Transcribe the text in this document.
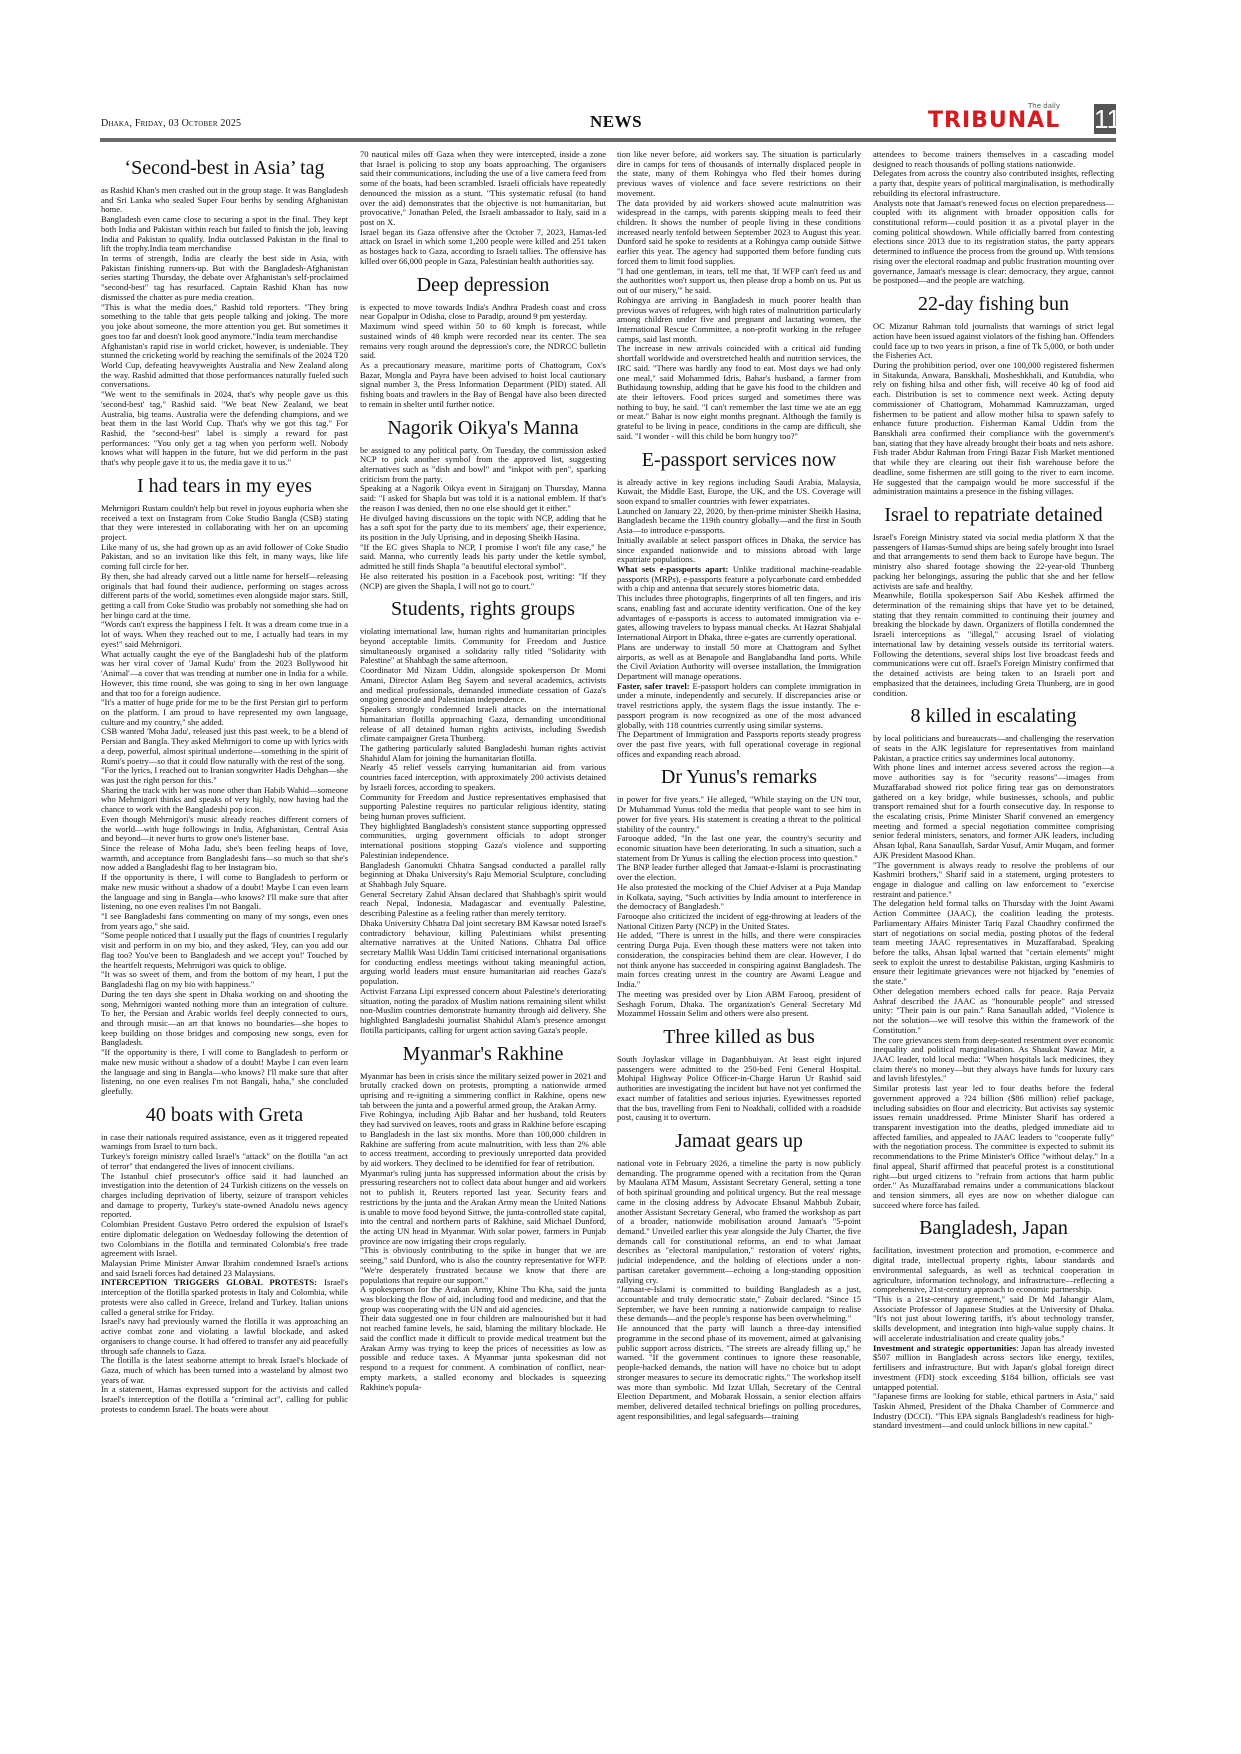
Dhaka, Friday, 03 October 2025	NEWS
The daily
TRIBUNAL 11
‘Second-best in Asia’ tag

as Rashid Khan's men crashed out in the group stage. It was Bangladesh and Sri Lanka who sealed Super Four berths by sending Afghanistan home.

Bangladesh even came close to securing a spot in the final. They kept both India and Pakistan within reach but failed to finish the job, leaving India and Pakistan to qualify. India outclassed Pakistan in the final to lift the trophy.India team merchandise

In terms of strength, India are clearly the best side in Asia, with Pakistan finishing runners-up. But with the Bangladesh-Afghanistan series starting Thursday, the debate over Afghanistan's self-proclaimed "second-best" tag has resurfaced. Captain Rashid Khan has now dismissed the chatter as pure media creation.

"This is what the media does," Rashid told reporters. "They bring something to the table that gets people talking and joking. The more you joke about someone, the more attention you get. But sometimes it goes too far and doesn't look good anymore."India team merchandise

Afghanistan's rapid rise in world cricket, however, is undeniable. They stunned the cricketing world by reaching the semifinals of the 2024 T20 World Cup, defeating heavyweights Australia and New Zealand along the way. Rashid admitted that those performances naturally fueled such conversations.

"We went to the semifinals in 2024, that's why people gave us this 'second-best' tag," Rashid said. "We beat New Zealand, we beat Australia, big teams. Australia were the defending champions, and we beat them in the last World Cup. That's why we got this tag." For Rashid, the "second-best" label is simply a reward for past performances: "You only get a tag when you perform well. Nobody knows what will happen in the future, but we did perform in the past that's why people gave it to us, the media gave it to us."

I had tears in my eyes

Mehrnigori Rustam couldn't help but revel in joyous euphoria when she received a text on Instagram from Coke Studio Bangla (CSB) stating that they were interested in collaborating with her on an upcoming project.

Like many of us, she had grown up as an avid follower of Coke Studio Pakistan, and so an invitation like this felt, in many ways, like life coming full circle for her.

By then, she had already carved out a little name for herself—releasing originals that had found their audience, performing on stages across different parts of the world, sometimes even alongside major stars. Still, getting a call from Coke Studio was probably not something she had on her bingo card at the time.

"Words can't express the happiness I felt. It was a dream come true in a lot of ways. When they reached out to me, I actually had tears in my eyes!" said Mehrnigori.

What actually caught the eye of the Bangladeshi hub of the platform was her viral cover of 'Jamal Kudu' from the 2023 Bollywood hit 'Animal'—a cover that was trending at number one in India for a while. However, this time round, she was going to sing in her own language and that too for a foreign audience.

"It's a matter of huge pride for me to be the first Persian girl to perform on the platform. I am proud to have represented my own language, culture and my country," she added.

CSB wanted 'Moha Jadu', released just this past week, to be a blend of Persian and Bangla. They asked Mehrnigori to come up with lyrics with a deep, powerful, almost spiritual undertone—something in the spirit of Rumi's poetry—so that it could flow naturally with the rest of the song.

"For the lyrics, I reached out to Iranian songwriter Hadis Dehghan—she was just the right person for this."

Sharing the track with her was none other than Habib Wahid—someone who Mehrnigori thinks and speaks of very highly, now having had the chance to work with the Bangladeshi pop icon.

Even though Mehrnigori's music already reaches different corners of the world—with huge followings in India, Afghanistan, Central Asia and beyond—it never hurts to grow one's listener base.

Since the release of Moha Jadu, she's been feeling heaps of love, warmth, and acceptance from Bangladeshi fans—so much so that she's now added a Bangladeshi flag to her Instagram bio.

If the opportunity is there, I will come to Bangladesh to perform or make new music without a shadow of a doubt! Maybe I can even learn the language and sing in Bangla—who knows? I'll make sure that after listening, no one even realises I'm not Bangali.

"I see Bangladeshi fans commenting on many of my songs, even ones from years ago," she said.

"Some people noticed that I usually put the flags of countries I regularly visit and perform in on my bio, and they asked, 'Hey, can you add our flag too? You've been to Bangladesh and we accept you!' Touched by the heartfelt requests, Mehrnigori was quick to oblige.

"It was so sweet of them, and from the bottom of my heart, I put the Bangladeshi flag on my bio with happiness."

During the ten days she spent in Dhaka working on and shooting the song, Mehrnigori wanted nothing more than an integration of culture. To her, the Persian and Arabic worlds feel deeply connected to ours, and through music—an art that knows no boundaries—she hopes to keep building on those bridges and composing new songs, even for Bangladesh.

"If the opportunity is there, I will come to Bangladesh to perform or make new music without a shadow of a doubt! Maybe I can even learn the language and sing in Bangla—who knows? I'll make sure that after listening, no one even realises I'm not Bangali, haha," she concluded gleefully.

40 boats with Greta

in case their nationals required assistance, even as it triggered repeated warnings from Israel to turn back.

Turkey's foreign ministry called Israel's "attack" on the flotilla "an act of terror" that endangered the lives of innocent civilians.

The Istanbul chief prosecutor's office said it had launched an investigation into the detention of 24 Turkish citizens on the vessels on charges including deprivation of liberty, seizure of transport vehicles and damage to property, Turkey's state-owned Anadolu news agency reported.

Colombian President Gustavo Petro ordered the expulsion of Israel's entire diplomatic delegation on Wednesday following the detention of two Colombians in the flotilla and terminated Colombia's free trade agreement with Israel.

Malaysian Prime Minister Anwar Ibrahim condemned Israel's actions and said Israeli forces had detained 23 Malaysians.

INTERCEPTION TRIGGERS GLOBAL PROTESTS: Israel's interception of the flotilla sparked protests in Italy and Colombia, while protests were also called in Greece, Ireland and Turkey. Italian unions called a general strike for Friday.

Israel's navy had previously warned the flotilla it was approaching an active combat zone and violating a lawful blockade, and asked organisers to change course. It had offered to transfer any aid peacefully through safe channels to Gaza.

The flotilla is the latest seaborne attempt to break Israel's blockade of Gaza, much of which has been turned into a wasteland by almost two years of war.

In a statement, Hamas expressed support for the activists and called Israel's interception of the flotilla a "criminal act", calling for public protests to condemn Israel. The boats were about

70 nautical miles off Gaza when they were intercepted, inside a zone that Israel is policing to stop any boats approaching. The organisers said their communications, including the use of a live camera feed from some of the boats, had been scrambled. Israeli officials have repeatedly denounced the mission as a stunt. "This systematic refusal (to hand over the aid) demonstrates that the objective is not humanitarian, but provocative," Jonathan Peled, the Israeli ambassador to Italy, said in a post on X.

Israel began its Gaza offensive after the October 7, 2023, Hamas-led attack on Israel in which some 1,200 people were killed and 251 taken as hostages back to Gaza, according to Israeli tallies. The offensive has killed over 66,000 people in Gaza, Palestinian health authorities say.

Deep depression

is expected to move towards India's Andhra Pradesh coast and cross near Gopalpur in Odisha, close to Paradip, around 9 pm yesterday.

Maximum wind speed within 50 to 60 kmph is forecast, while sustained winds of 48 kmph were recorded near its center. The sea remains very rough around the depression's core, the NDRCC bulletin said.

As a precautionary measure, maritime ports of Chattogram, Cox's Bazar, Mongla and Payra have been advised to hoist local cautionary signal number 3, the Press Information Department (PID) stated. All fishing boats and trawlers in the Bay of Bengal have also been directed to remain in shelter until further notice.

Nagorik Oikya's Manna

be assigned to any political party. On Tuesday, the commission asked NCP to pick another symbol from the approved list, suggesting alternatives such as "dish and bowl" and "inkpot with pen", sparking criticism from the party.

Speaking at a Nagorik Oikya event in Sirajganj on Thursday, Manna said: "I asked for Shapla but was told it is a national emblem. If that's the reason I was denied, then no one else should get it either."

He divulged having discussions on the topic with NCP, adding that he has a soft spot for the party due to its members' age, their experience, its position in the July Uprising, and in deposing Sheikh Hasina.

"If the EC gives Shapla to NCP, I promise I won't file any case," he said. Manna, who currently leads his party under the kettle symbol, admitted he still finds Shapla "a beautiful electoral symbol".

He also reiterated his position in a Facebook post, writing: "If they (NCP) are given the Shapla, I will not go to court."

Students, rights groups

violating international law, human rights and humanitarian principles beyond acceptable limits. Community for Freedom and Justice simultaneously organised a solidarity rally titled "Solidarity with Palestine" at Shahbagh the same afternoon.

Coordinator Md Nizam Uddin, alongside spokesperson Dr Momi Amani, Director Aslam Beg Sayem and several academics, activists and medical professionals, demanded immediate cessation of Gaza's ongoing genocide and Palestinian independence.

Speakers strongly condemned Israeli attacks on the international humanitarian flotilla approaching Gaza, demanding unconditional release of all detained human rights activists, including Swedish climate campaigner Greta Thunberg.

The gathering particularly saluted Bangladeshi human rights activist Shahidul Alam for joining the humanitarian flotilla.

Nearly 45 relief vessels carrying humanitarian aid from various countries faced interception, with approximately 200 activists detained by Israeli forces, according to speakers.

Community for Freedom and Justice representatives emphasised that supporting Palestine requires no particular religious identity, stating being human proves sufficient.

They highlighted Bangladesh's consistent stance supporting oppressed communities, urging government officials to adopt stronger international positions stopping Gaza's violence and supporting Palestinian independence.

Bangladesh Ganomukti Chhatra Sangsad conducted a parallel rally beginning at Dhaka University's Raju Memorial Sculpture, concluding at Shahbagh July Square.

General Secretary Zahid Ahsan declared that Shahbagh's spirit would reach Nepal, Indonesia, Madagascar and eventually Palestine, describing Palestine as a feeling rather than merely territory.

Dhaka University Chhatra Dal joint secretary BM Kawsar noted Israel's contradictory behaviour, killing Palestinians whilst presenting alternative narratives at the United Nations. Chhatra Dal office secretary Mallik Wasi Uddin Tami criticised international organisations for conducting endless meetings without taking meaningful action, arguing world leaders must ensure humanitarian aid reaches Gaza's population.

Activist Farzana Lipi expressed concern about Palestine's deteriorating situation, noting the paradox of Muslim nations remaining silent whilst non-Muslim countries demonstrate humanity through aid delivery. She highlighted Bangladeshi journalist Shahidul Alam's presence amongst flotilla participants, calling for urgent action saving Gaza's people.

Myanmar's Rakhine

Myanmar has been in crisis since the military seized power in 2021 and brutally cracked down on protests, prompting a nationwide armed uprising and re-igniting a simmering conflict in Rakhine, opens new tab between the junta and a powerful armed group, the Arakan Army.

Five Rohingya, including Ajib Bahar and her husband, told Reuters they had survived on leaves, roots and grass in Rakhine before escaping to Bangladesh in the last six months. More than 100,000 children in Rakhine are suffering from acute malnutrition, with less than 2% able to access treatment, according to previously unreported data provided by aid workers. They declined to be identified for fear of retribution.

Myanmar's ruling junta has suppressed information about the crisis by pressuring researchers not to collect data about hunger and aid workers not to publish it, Reuters reported last year. Security fears and restrictions by the junta and the Arakan Army mean the United Nations is unable to move food beyond Sittwe, the junta-controlled state capital, into the central and northern parts of Rakhine, said Michael Dunford, the acting UN head in Myanmar. With solar power, farmers in Punjab province are now irrigating their crops regularly.

"This is obviously contributing to the spike in hunger that we are seeing," said Dunford, who is also the country representative for WFP. "We're desperately frustrated because we know that there are populations that require our support."

A spokesperson for the Arakan Army, Khine Thu Kha, said the junta was blocking the flow of aid, including food and medicine, and that the group was cooperating with the UN and aid agencies.

Their data suggested one in four children are malnourished but it had not reached famine levels, he said, blaming the military blockade. He said the conflict made it difficult to provide medical treatment but the Arakan Army was trying to keep the prices of necessities as low as possible and reduce taxes. A Myanmar junta spokesman did not respond to a request for comment. A combination of conflict, near-empty markets, a stalled economy and blockades is squeezing Rakhine's popula-

tion like never before, aid workers say. The situation is particularly dire in camps for tens of thousands of internally displaced people in the state, many of them Rohingya who fled their homes during previous waves of violence and face severe restrictions on their movement.

The data provided by aid workers showed acute malnutrition was widespread in the camps, with parents skipping meals to feed their children. It shows the number of people living in these conditions increased nearly tenfold between September 2023 to August this year. Dunford said he spoke to residents at a Rohingya camp outside Sittwe earlier this year. The agency had supported them before funding cuts forced them to limit food supplies.

"I had one gentleman, in tears, tell me that, 'If WFP can't feed us and the authorities won't support us, then please drop a bomb on us. Put us out of our misery,'" he said.

Rohingya are arriving in Bangladesh in much poorer health than previous waves of refugees, with high rates of malnutrition particularly among children under five and pregnant and lactating women, the International Rescue Committee, a non-profit working in the refugee camps, said last month.

The increase in new arrivals coincided with a critical aid funding shortfall worldwide and overstretched health and nutrition services, the IRC said. "There was hardly any food to eat. Most days we had only one meal," said Mohammed Idris, Bahar's husband, a farmer from Buthidaung township, adding that he gave his food to the children and ate their leftovers. Food prices surged and sometimes there was nothing to buy, he said. "I can't remember the last time we ate an egg or meat." Bahar is now eight months pregnant. Although the family is grateful to be living in peace, conditions in the camp are difficult, she said. "I wonder - will this child be born hungry too?"

E-passport services now

is already active in key regions including Saudi Arabia, Malaysia, Kuwait, the Middle East, Europe, the UK, and the US. Coverage will soon expand to smaller countries with fewer expatriates.

Launched on January 22, 2020, by then-prime minister Sheikh Hasina, Bangladesh became the 119th country globally—and the first in South Asia—to introduce e-passports.

Initially available at select passport offices in Dhaka, the service has since expanded nationwide and to missions abroad with large expatriate populations.

What sets e-passports apart: Unlike traditional machine-readable passports (MRPs), e-passports feature a polycarbonate card embedded with a chip and antenna that securely stores biometric data.

This includes three photographs, fingerprints of all ten fingers, and iris scans, enabling fast and accurate identity verification. One of the key advantages of e-passports is access to automated immigration via e-gates, allowing travelers to bypass manual checks. At Hazrat Shahjalal International Airport in Dhaka, three e-gates are currently operational.

Plans are underway to install 50 more at Chattogram and Sylhet airports, as well as at Benapole and Banglabandha land ports. While the Civil Aviation Authority will oversee installation, the Immigration Department will manage operations.

Faster, safer travel: E-passport holders can complete immigration in under a minute, independently and securely. If discrepancies arise or travel restrictions apply, the system flags the issue instantly. The e-passport program is now recognized as one of the most advanced globally, with 118 countries currently using similar systems.

The Department of Immigration and Passports reports steady progress over the past five years, with full operational coverage in regional offices and expanding reach abroad.

Dr Yunus's remarks

in power for five years." He alleged, "While staying on the UN tour, Dr Muhammad Yunus told the media that people want to see him in power for five years. His statement is creating a threat to the political stability of the country."

Farooque added, "In the last one year, the country's security and economic situation have been deteriorating. In such a situation, such a statement from Dr Yunus is calling the election process into question."

The BNP leader further alleged that Jamaat-e-Islami is procrastinating over the election.

He also protested the mocking of the Chief Adviser at a Puja Mandap in Kolkata, saying, "Such activities by India amount to interference in the democracy of Bangladesh."

Farooque also criticized the incident of egg-throwing at leaders of the National Citizen Party (NCP) in the United States.

He added, "There is unrest in the hills, and there were conspiracies centring Durga Puja. Even though these matters were not taken into consideration, the conspiracies behind them are clear. However, I do not think anyone has succeeded in conspiring against Bangladesh. The main forces creating unrest in the country are Awami League and India."

The meeting was presided over by Lion ABM Farooq, president of Seshagh Forum, Dhaka. The organization's General Secretary Md Mozammel Hossain Selim and others were also present.

Three killed as bus

South Joylaskar village in Daganbhuiyan. At least eight injured passengers were admitted to the 250-bed Feni General Hospital. Mohipal Highway Police Officer-in-Charge Harun Ur Rashid said authorities are investigating the incident but have not yet confirmed the exact number of fatalities and serious injuries. Eyewitnesses reported that the bus, travelling from Feni to Noakhali, collided with a roadside post, causing it to overturn.

Jamaat gears up

national vote in February 2026, a timeline the party is now publicly demanding. The programme opened with a recitation from the Quran by Maulana ATM Masum, Assistant Secretary General, setting a tone of both spiritual grounding and political urgency. But the real message came in the closing address by Advocate Ehsanul Mahbub Zubair, another Assistant Secretary General, who framed the workshop as part of a broader, nationwide mobilisation around Jamaat's "5-point demand." Unveiled earlier this year alongside the July Charter, the five demands call for constitutional reforms, an end to what Jamaat describes as "electoral manipulation," restoration of voters' rights, judicial independence, and the holding of elections under a non-partisan caretaker government—echoing a long-standing opposition rallying cry.

"Jamaat-e-Islami is committed to building Bangladesh as a just, accountable and truly democratic state," Zubair declared. "Since 15 September, we have been running a nationwide campaign to realise these demands—and the people's response has been overwhelming."

He announced that the party will launch a three-day intensified programme in the second phase of its movement, aimed at galvanising public support across districts. "The streets are already filling up," he warned. "If the government continues to ignore these reasonable, people-backed demands, the nation will have no choice but to adopt stronger measures to secure its democratic rights." The workshop itself was more than symbolic. Md Izzat Ullah, Secretary of the Central Election Department, and Mobarak Hossain, a senior election affairs member, delivered detailed technical briefings on polling procedures, agent responsibilities, and legal safeguards—training

attendees to become trainers themselves in a cascading model designed to reach thousands of polling stations nationwide.

Delegates from across the country also contributed insights, reflecting a party that, despite years of political marginalisation, is methodically rebuilding its electoral infrastructure.

Analysts note that Jamaat's renewed focus on election preparedness—coupled with its alignment with broader opposition calls for constitutional reform—could position it as a pivotal player in the coming political showdown. While officially barred from contesting elections since 2013 due to its registration status, the party appears determined to influence the process from the ground up. With tensions rising over the electoral roadmap and public frustration mounting over governance, Jamaat's message is clear: democracy, they argue, cannot be postponed—and the people are watching.

22-day fishing bun

OC Mizanur Rahman told journalists that warnings of strict legal action have been issued against violators of the fishing ban. Offenders could face up to two years in prison, a fine of Tk 5,000, or both under the Fisheries Act.

During the prohibition period, over one 100,000 registered fishermen in Sitakunda, Anwara, Banskhali, Mosheshkhali, and Kutubdia, who rely on fishing hilsa and other fish, will receive 40 kg of food aid each. Distribution is set to commence next week. Acting deputy commissioner of Chattogram, Mohammad Kamruzzaman, urged fishermen to be patient and allow mother hilsa to spawn safely to enhance future production. Fisherman Kamal Uddin from the Banskhali area confirmed their compliance with the government's ban, stating that they have already brought their boats and nets ashore.

Fish trader Abdur Rahman from Fringi Bazar Fish Market mentioned that while they are clearing out their fish warehouse before the deadline, some fishermen are still going to the river to earn income. He suggested that the campaign would be more successful if the administration maintains a presence in the fishing villages.

Israel to repatriate detained

Israel's Foreign Ministry stated via social media platform X that the passengers of Hamas-Sumud ships are being safely brought into Israel and that arrangements to send them back to Europe have begun. The ministry also shared footage showing the 22-year-old Thunberg packing her belongings, assuring the public that she and her fellow activists are safe and healthy.

Meanwhile, flotilla spokesperson Saif Abu Keshek affirmed the determination of the remaining ships that have yet to be detained, stating that they remain committed to continuing their journey and breaking the blockade by dawn. Organizers of flotilla condemned the Israeli interceptions as "illegal," accusing Israel of violating international law by detaining vessels outside its territorial waters. Following the detentions, several ships lost live broadcast feeds and communications were cut off. Israel's Foreign Ministry confirmed that the detained activists are being taken to an Israeli port and emphasized that the detainees, including Greta Thunberg, are in good condition.

8 killed in escalating

by local politicians and bureaucrats—and challenging the reservation of seats in the AJK legislature for representatives from mainland Pakistan, a practice critics say undermines local autonomy.

With phone lines and internet access severed across the region—a move authorities say is for "security reasons"—images from Muzaffarabad showed riot police firing tear gas on demonstrators gathered on a key bridge, while businesses, schools, and public transport remained shut for a fourth consecutive day. In response to the escalating crisis, Prime Minister Sharif convened an emergency meeting and formed a special negotiation committee comprising senior federal ministers, senators, and former AJK leaders, including Ahsan Iqbal, Rana Sanaullah, Sardar Yusuf, Amir Muqam, and former AJK President Masood Khan.

"The government is always ready to resolve the problems of our Kashmiri brothers," Sharif said in a statement, urging protesters to engage in dialogue and calling on law enforcement to "exercise restraint and patience."

The delegation held formal talks on Thursday with the Joint Awami Action Committee (JAAC), the coalition leading the protests. Parliamentary Affairs Minister Tariq Fazal Chaudhry confirmed the start of negotiations on social media, posting photos of the federal team meeting JAAC representatives in Muzaffarabad. Speaking before the talks, Ahsan Iqbal warned that "certain elements" might seek to exploit the unrest to destabilise Pakistan, urging Kashmiris to ensure their legitimate grievances were not hijacked by "enemies of the state."

Other delegation members echoed calls for peace. Raja Pervaiz Ashraf described the JAAC as "honourable people" and stressed unity: "Their pain is our pain." Rana Sanaullah added, "Violence is not the solution—we will resolve this within the framework of the Constitution."

The core grievances stem from deep-seated resentment over economic inequality and political marginalisation. As Shaukat Nawaz Mir, a JAAC leader, told local media: "When hospitals lack medicines, they claim there's no money—but they always have funds for luxury cars and lavish lifestyles."

Similar protests last year led to four deaths before the federal government approved a ?24 billion ($86 million) relief package, including subsidies on flour and electricity. But activists say systemic issues remain unaddressed. Prime Minister Sharif has ordered a transparent investigation into the deaths, pledged immediate aid to affected families, and appealed to JAAC leaders to "cooperate fully" with the negotiation process. The committee is expected to submit its recommendations to the Prime Minister's Office "without delay." In a final appeal, Sharif affirmed that peaceful protest is a constitutional right—but urged citizens to "refrain from actions that harm public order." As Muzaffarabad remains under a communications blackout and tension simmers, all eyes are now on whether dialogue can succeed where force has failed.

Bangladesh, Japan

facilitation, investment protection and promotion, e-commerce and digital trade, intellectual property rights, labour standards and environmental safeguards, as well as technical cooperation in agriculture, information technology, and infrastructure—reflecting a comprehensive, 21st-century approach to economic partnership.

"This is a 21st-century agreement," said Dr Md Jahangir Alam, Associate Professor of Japanese Studies at the University of Dhaka. "It's not just about lowering tariffs, it's about technology transfer, skills development, and integration into high-value supply chains. It will accelerate industrialisation and create quality jobs."

Investment and strategic opportunities: Japan has already invested $507 million in Bangladesh across sectors like energy, textiles, fertilisers and infrastructure. But with Japan's global foreign direct investment (FDI) stock exceeding $184 billion, officials see vast untapped potential.

"Japanese firms are looking for stable, ethical partners in Asia," said Taskin Ahmed, President of the Dhaka Chamber of Commerce and Industry (DCCI). "This EPA signals Bangladesh's readiness for high-standard investment—and could unlock billions in new capital."
